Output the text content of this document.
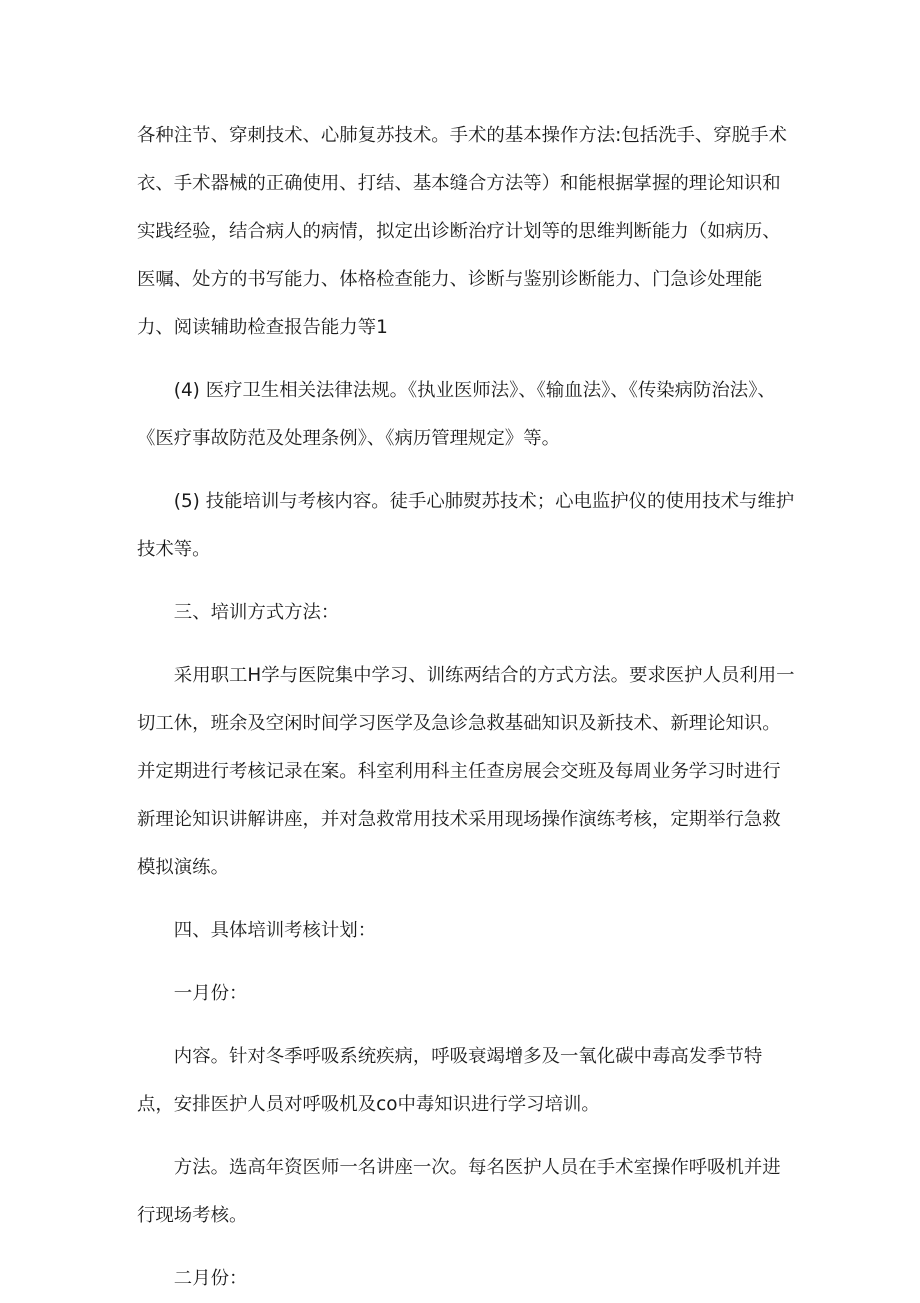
各种注节、穿刺技术、心肺复苏技术。手术的基本操作方法:包括洗手、穿脱手术衣、手术器械的正确使用、打结、基本缝合方法等）和能根据掌握的理论知识和实践经验，结合病人的病情，拟定出诊断治疗计划等的思维判断能力（如病历、医嘱、处方的书写能力、体格检查能力、诊断与鉴别诊断能力、门急诊处理能力、阅读辅助检查报告能力等1

(4) 医疗卫生相关法律法规。《执业医师法》、《输血法》、《传染病防治法》、《医疗事故防范及处理条例》、《病历管理规定》等。

(5) 技能培训与考核内容。徒手心肺熨苏技术；心电监护仪的使用技术与维护技术等。

三、培训方式方法：

采用职工H学与医院集中学习、训练两结合的方式方法。要求医护人员利用一切工休，班余及空闲时间学习医学及急诊急救基础知识及新技术、新理论知识。并定期进行考核记录在案。科室利用科主任查房展会交班及每周业务学习时进行新理论知识讲解讲座，并对急救常用技术采用现场操作演练考核，定期举行急救模拟演练。

四、具体培训考核计划：

一月份：

内容。针对冬季呼吸系统疾病，呼吸衰竭增多及一氧化碳中毒高发季节特点，安排医护人员对呼吸机及co中毒知识进行学习培训。

方法。选高年资医师一名讲座一次。每名医护人员在手术室操作呼吸机并进行现场考核。

二月份：
